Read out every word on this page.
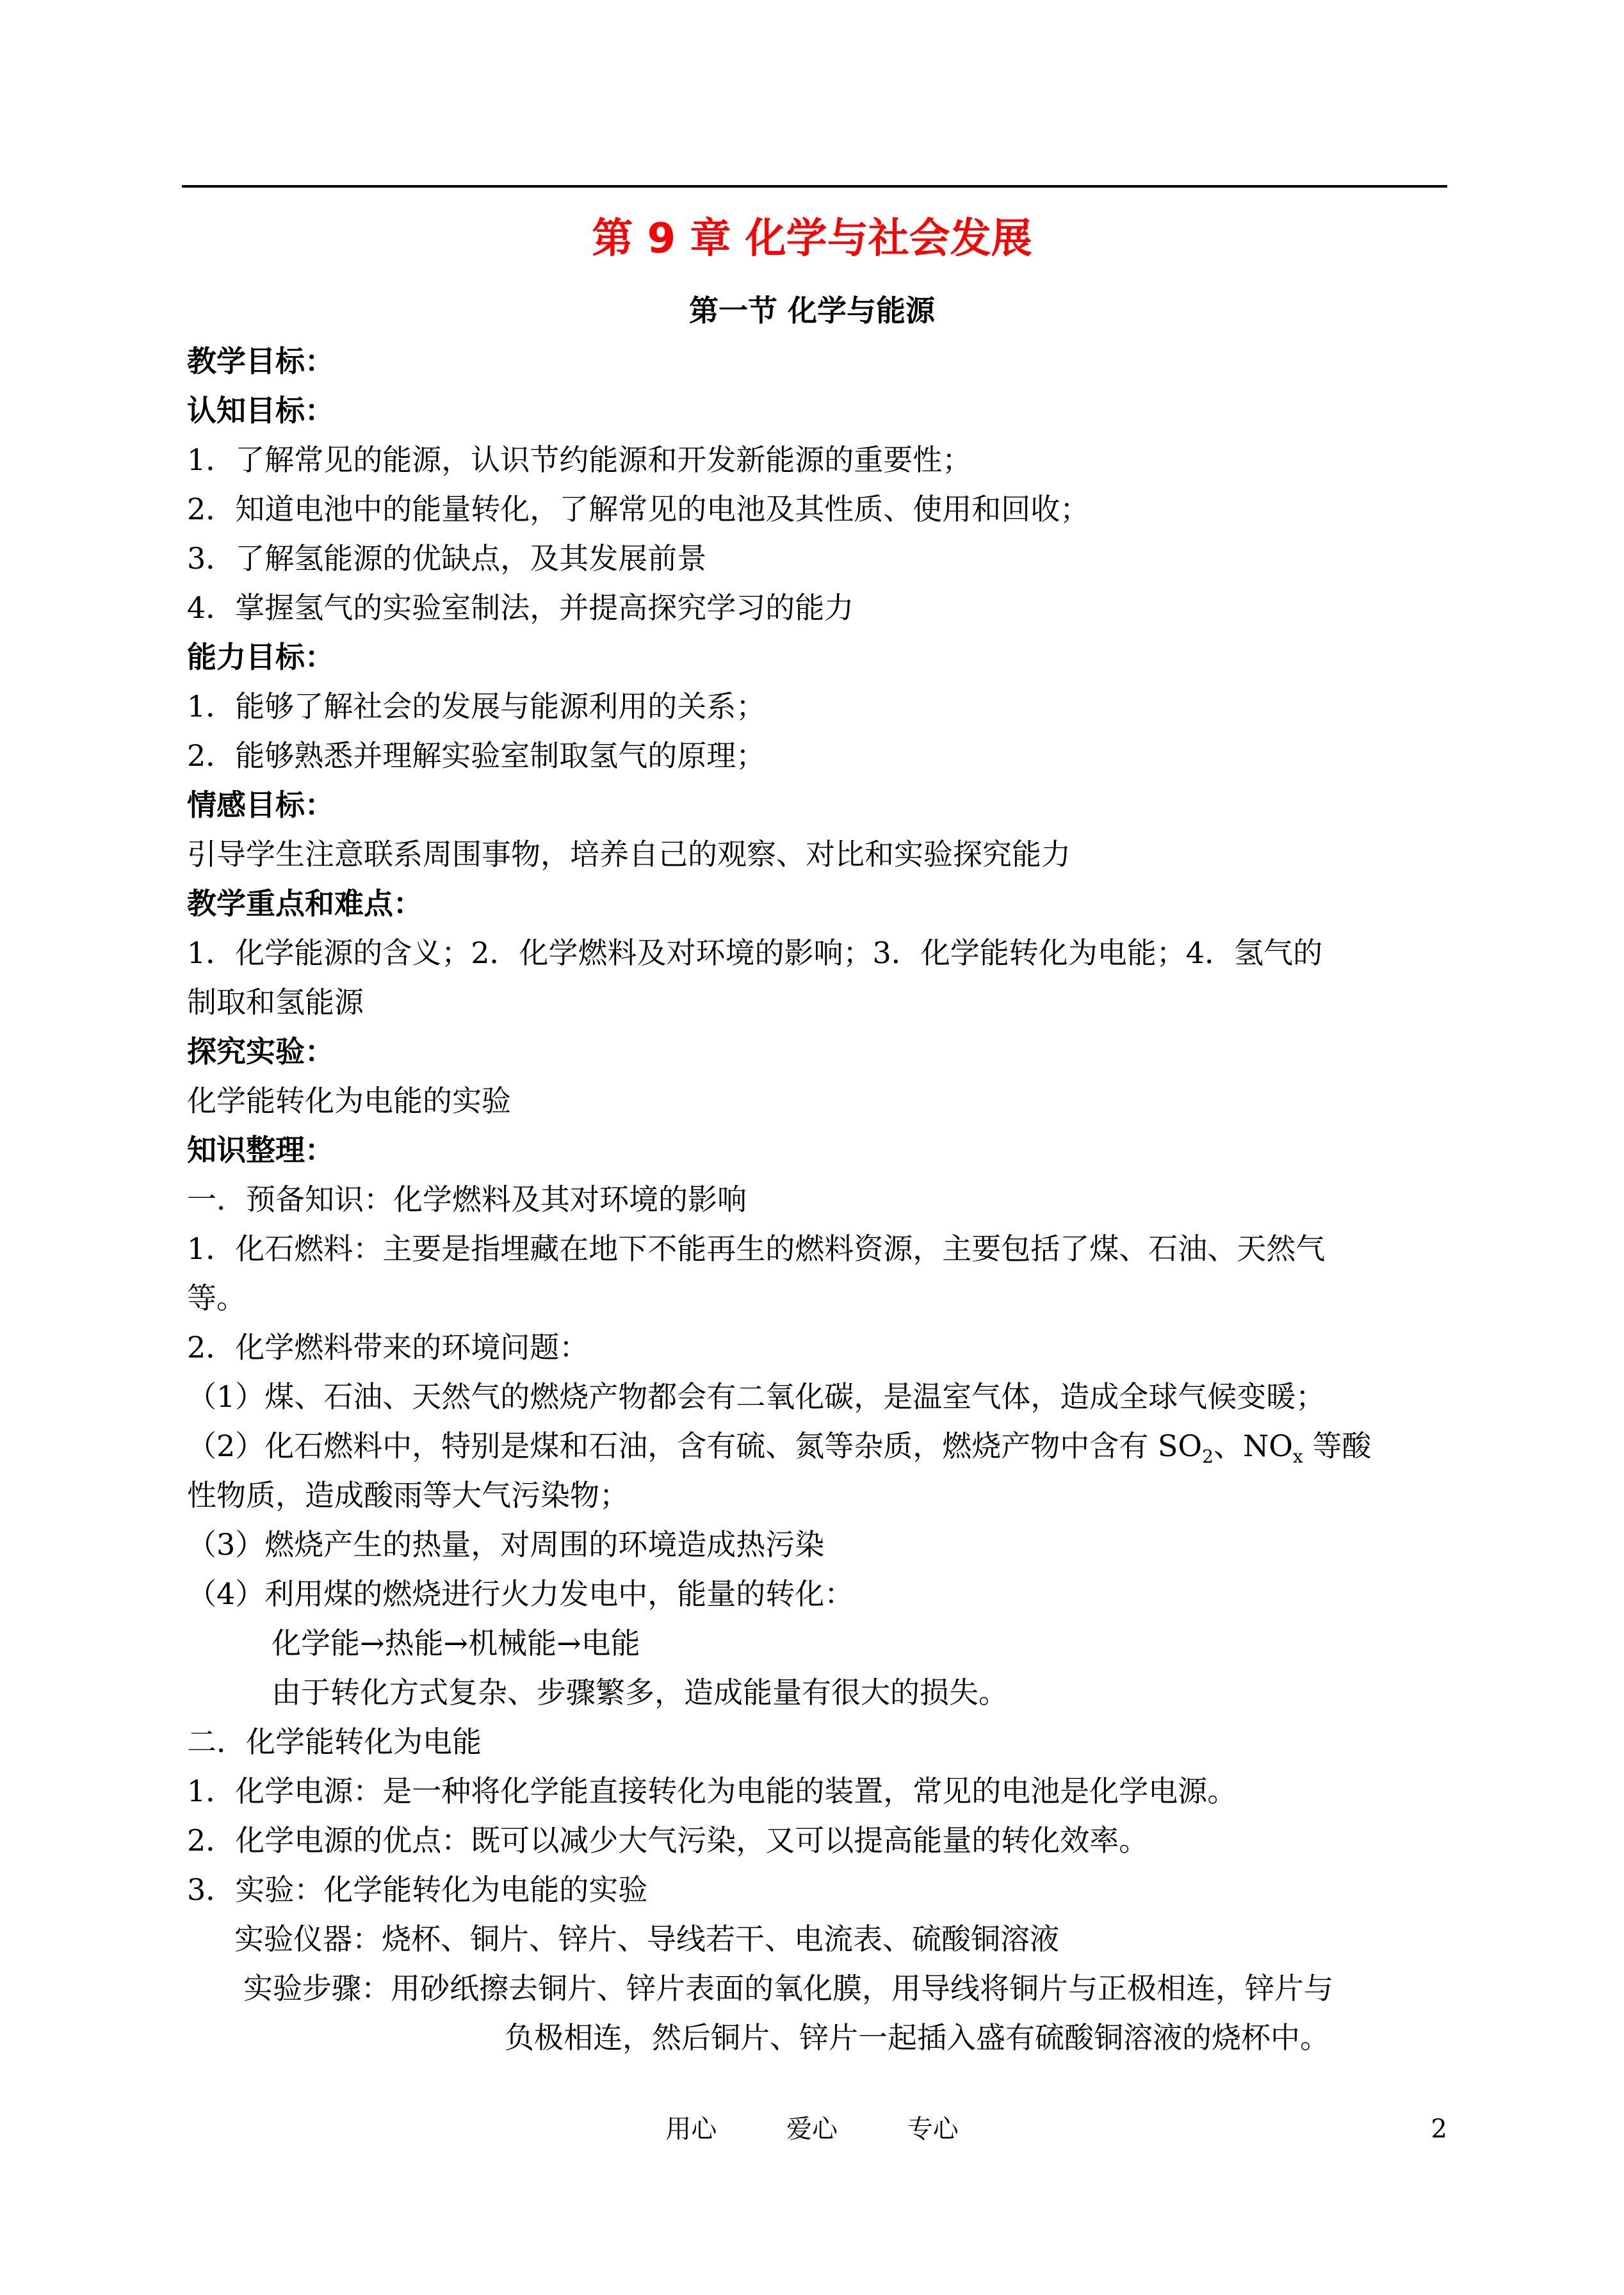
第 9 章 化学与社会发展
第一节 化学与能源
教学目标：
认知目标：
1．了解常见的能源，认识节约能源和开发新能源的重要性；
2．知道电池中的能量转化，了解常见的电池及其性质、使用和回收；
3．了解氢能源的优缺点，及其发展前景
4．掌握氢气的实验室制法，并提高探究学习的能力
能力目标：
1．能够了解社会的发展与能源利用的关系；
2．能够熟悉并理解实验室制取氢气的原理；
情感目标：
引导学生注意联系周围事物，培养自己的观察、对比和实验探究能力
教学重点和难点：
1．化学能源的含义；2．化学燃料及对环境的影响；3．化学能转化为电能；4．氢气的
制取和氢能源
探究实验：
化学能转化为电能的实验
知识整理：
一．预备知识：化学燃料及其对环境的影响
1．化石燃料：主要是指埋藏在地下不能再生的燃料资源，主要包括了煤、石油、天然气
等。
2．化学燃料带来的环境问题：
（1）煤、石油、天然气的燃烧产物都会有二氧化碳，是温室气体，造成全球气候变暖；
（2）化石燃料中，特别是煤和石油，含有硫、氮等杂质，燃烧产物中含有 $SO_2$、$NO_x$ 等酸
性物质，造成酸雨等大气污染物；
（3）燃烧产生的热量，对周围的环境造成热污染
（4）利用煤的燃烧进行火力发电中，能量的转化：
化学能→热能→机械能→电能
由于转化方式复杂、步骤繁多，造成能量有很大的损失。
二．化学能转化为电能
1．化学电源：是一种将化学能直接转化为电能的装置，常见的电池是化学电源。
2．化学电源的优点：既可以减少大气污染，又可以提高能量的转化效率。
3．实验：化学能转化为电能的实验
实验仪器：烧杯、铜片、锌片、导线若干、电流表、硫酸铜溶液
实验步骤：用砂纸擦去铜片、锌片表面的氧化膜，用导线将铜片与正极相连，锌片与
负极相连，然后铜片、锌片一起插入盛有硫酸铜溶液的烧杯中。
用心	爱心	专心	2
